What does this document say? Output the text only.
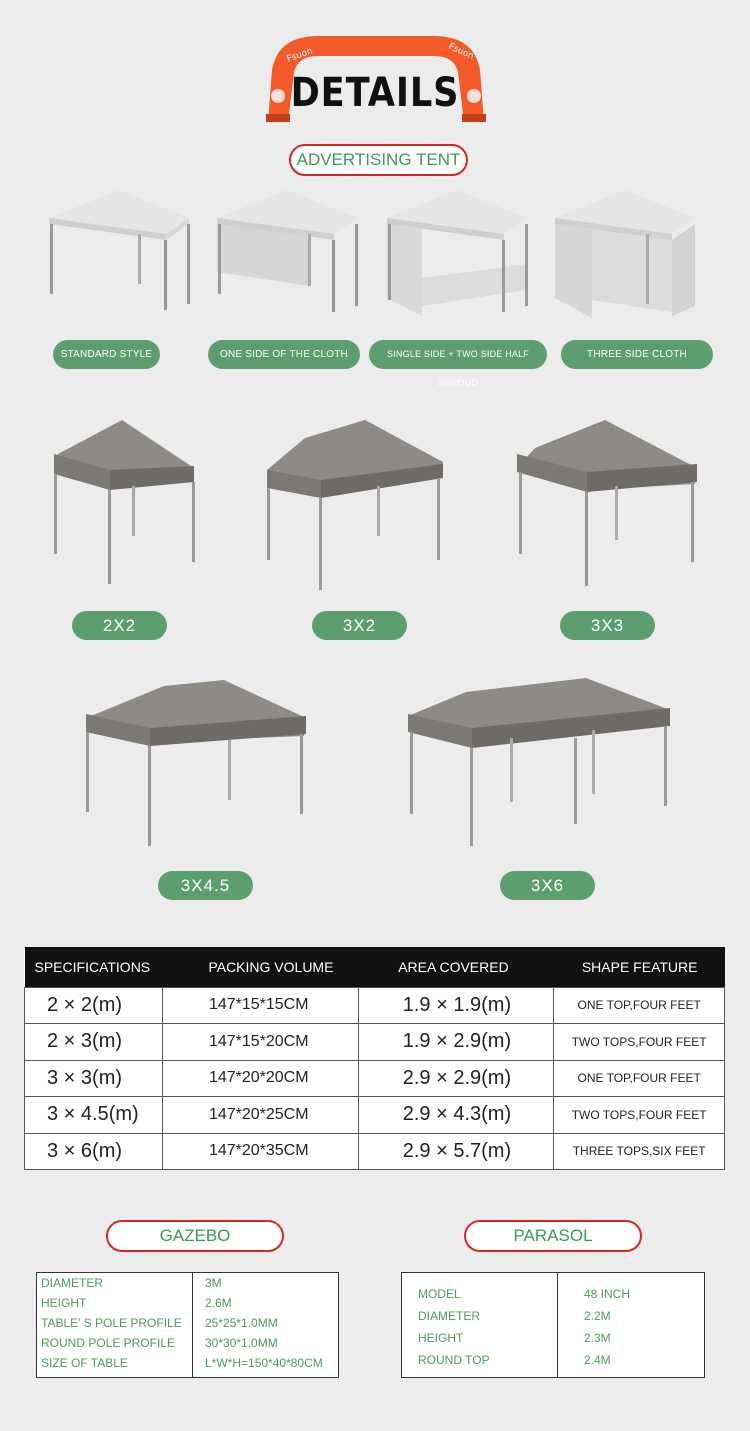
Fsuon	Fsuon
DETAILS
ADVERTISING TENT
STANDARD STYLE	ONE SIDE OF THE CLOTH	SINGLE SIDE + TWO SIDE HALF SHROUD
THREE SIDE CLOTH
2X2	3X2	3X3
3X4.5	3X6
SPECIFICATIONS	PACKING VOLUME	AREA COVERED	SHAPE FEATURE
2 × 2(m)	147*15*15CM	1.9 × 1.9(m)	ONE TOP,FOUR FEET
2 × 3(m)	147*15*20CM	1.9 × 2.9(m)	TWO TOPS,FOUR FEET
3 × 3(m)	147*20*20CM	2.9 × 2.9(m)	ONE TOP,FOUR FEET
3 × 4.5(m)	147*20*25CM	2.9 × 4.3(m)	TWO TOPS,FOUR FEET
3 × 6(m)	147*20*35CM	2.9 × 5.7(m)	THREE TOPS,SIX FEET
GAZEBO
DIAMETER	3M
HEIGHT	2.6M
TABLE’ S POLE PROFILE 25*25*1.0MM
ROUND POLE PROFILE 30*30*1.0MM
SIZE OF TABLE	L*W*H=150*40*80CM
PARASOL
MODEL	48 INCH
DIAMETER	2.2M
HEIGHT	2.3M
ROUND TOP	2.4M
